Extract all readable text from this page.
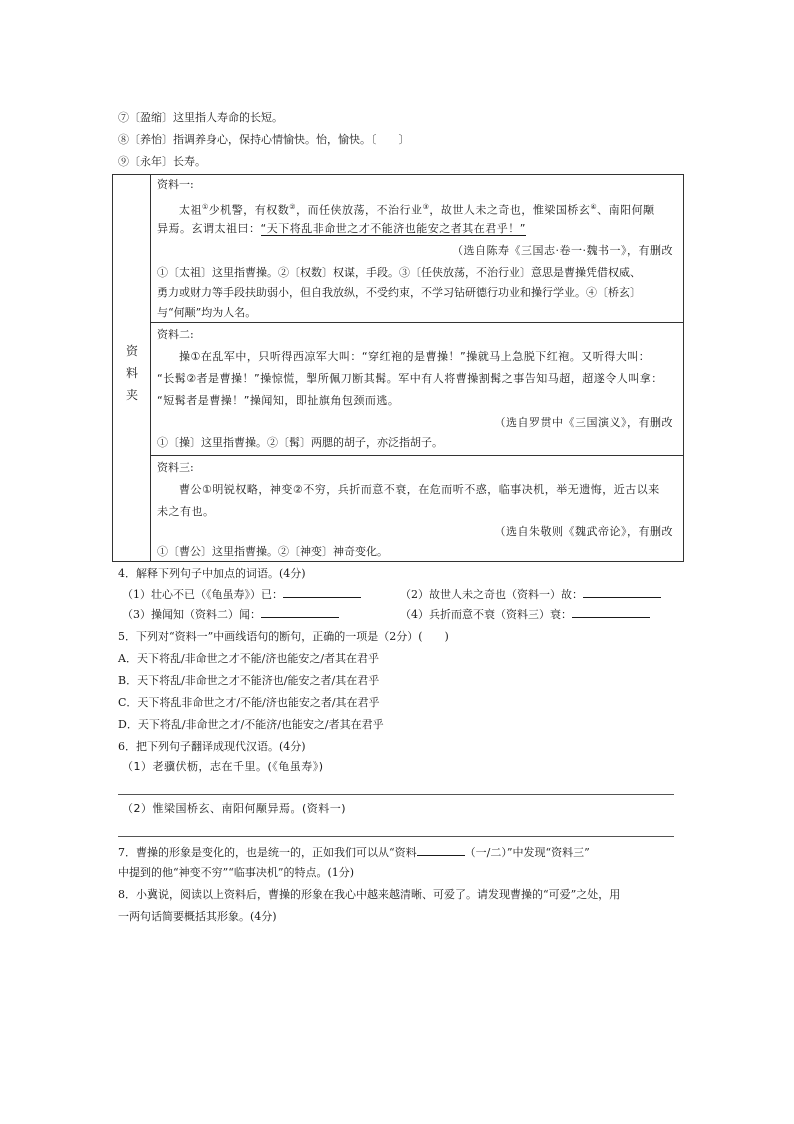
⑦〔盈缩〕这里指人寿命的长短。
⑧〔养怡〕指调养身心，保持心情愉快。怡，愉快。〔　　〕
⑨〔永年〕长寿。
资
料
夹
资料一:
太祖①少机警，有权数②，而任侠放荡，不治行业③，故世人未之奇也，惟梁国桥玄④、南阳何颙
异焉。玄谓太祖曰：“天下将乱非命世之才不能济也能安之者其在君乎！”
（选自陈寿《三国志·卷一·魏书一》，有删改
①〔太祖〕这里指曹操。②〔权数〕权谋，手段。③〔任侠放荡，不治行业〕意思是曹操凭借权威、
勇力或财力等手段扶助弱小，但自我放纵，不受约束，不学习钻研德行功业和操行学业。④〔桥玄〕
与“何颙”均为人名。
资料二:
操①在乱军中，只听得西凉军大叫：“穿红袍的是曹操！”操就马上急脱下红袍。又听得大叫：
“长髯②者是曹操！”操惊慌，掣所佩刀断其髯。军中有人将曹操割髯之事告知马超，超遂令人叫拿：
“短髯者是曹操！”操闻知，即扯旗角包颈而逃。
（选自罗贯中《三国演义》，有删改
①〔操〕这里指曹操。②〔髯〕两腮的胡子，亦泛指胡子。
资料三:
曹公①明锐权略，神变②不穷，兵折而意不衰，在危而听不惑，临事决机，举无遗悔，近古以来
未之有也。
（选自朱敬则《魏武帝论》，有删改
①〔曹公〕这里指曹操。②〔神变〕神奇变化。
4．解释下列句子中加点的词语。(4分)
（1）壮心不已（《龟虽寿》）已：	（2）故世人未之奇也（资料一）故：
（3）操闻知（资料二）闻：	（4）兵折而意不衰（资料三）衰：
5．下列对“资料一”中画线语句的断句，正确的一项是（2分）(　　)
A．天下将乱/非命世之才不能/济也能安之/者其在君乎
B．天下将乱/非命世之才不能济也/能安之者/其在君乎
C．天下将乱非命世之才/不能/济也能安之者/其在君乎
D．天下将乱/非命世之才/不能济/也能安之/者其在君乎
6．把下列句子翻译成现代汉语。(4分)
（1）老骥伏枥，志在千里。(《龟虽寿》)
（2）惟梁国桥玄、南阳何颙异焉。(资料一)
7．曹操的形象是变化的，也是统一的，正如我们可以从“资料	（一/二）”中发现“资料三”
中提到的他“神变不穷”“临事决机”的特点。(1分)
8．小冀说，阅读以上资料后，曹操的形象在我心中越来越清晰、可爱了。请发现曹操的“可爱”之处，用
一两句话简要概括其形象。(4分)
